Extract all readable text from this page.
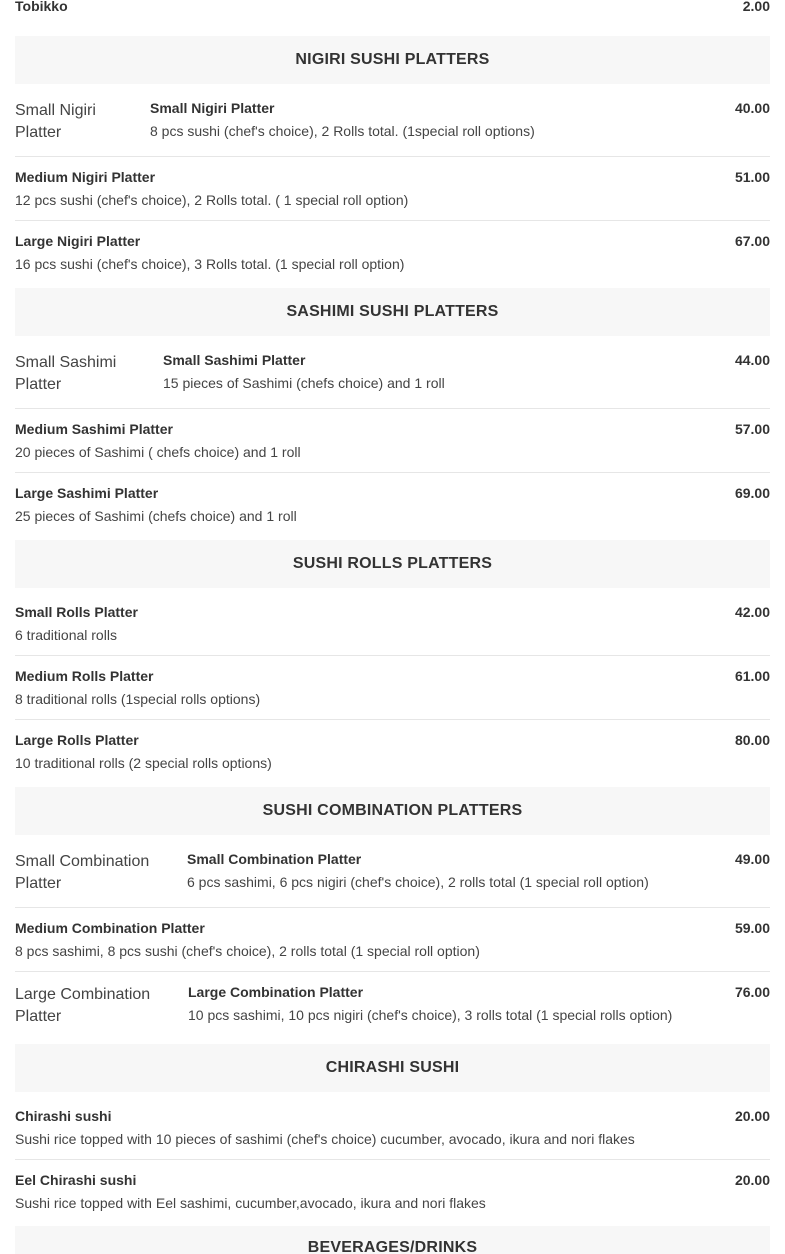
Tobikko	2.00
NIGIRI SUSHI PLATTERS
Small Nigiri Platter
Small Nigiri Platter	40.00
8 pcs sushi (chef's choice), 2 Rolls total. (1special roll options)
Medium Nigiri Platter	51.00
12 pcs sushi (chef's choice), 2 Rolls total. ( 1 special roll option)
Large Nigiri Platter	67.00
16 pcs sushi (chef's choice), 3 Rolls total. (1 special roll option)
SASHIMI SUSHI PLATTERS
Small Sashimi Platter
Small Sashimi Platter	44.00
15 pieces of Sashimi (chefs choice) and 1 roll
Medium Sashimi Platter	57.00
20 pieces of Sashimi ( chefs choice) and 1 roll
Large Sashimi Platter	69.00
25 pieces of Sashimi (chefs choice) and 1 roll
SUSHI ROLLS PLATTERS
Small Rolls Platter	42.00
6 traditional rolls
Medium Rolls Platter	61.00
8 traditional rolls (1special rolls options)
Large Rolls Platter	80.00
10 traditional rolls (2 special rolls options)
SUSHI COMBINATION PLATTERS
Small Combination Platter
Small Combination Platter	49.00
6 pcs sashimi, 6 pcs nigiri (chef's choice), 2 rolls total (1 special roll option)
Medium Combination Platter	59.00
8 pcs sashimi, 8 pcs sushi (chef's choice), 2 rolls total (1 special roll option)
Large Combination Platter
Large Combination Platter	76.00
10 pcs sashimi, 10 pcs nigiri (chef's choice), 3 rolls total (1 special rolls option)
CHIRASHI SUSHI
Chirashi sushi	20.00
Sushi rice topped with 10 pieces of sashimi (chef's choice) cucumber, avocado, ikura and nori flakes
Eel Chirashi sushi	20.00
Sushi rice topped with Eel sashimi, cucumber,avocado, ikura and nori flakes
BEVERAGES/DRINKS
